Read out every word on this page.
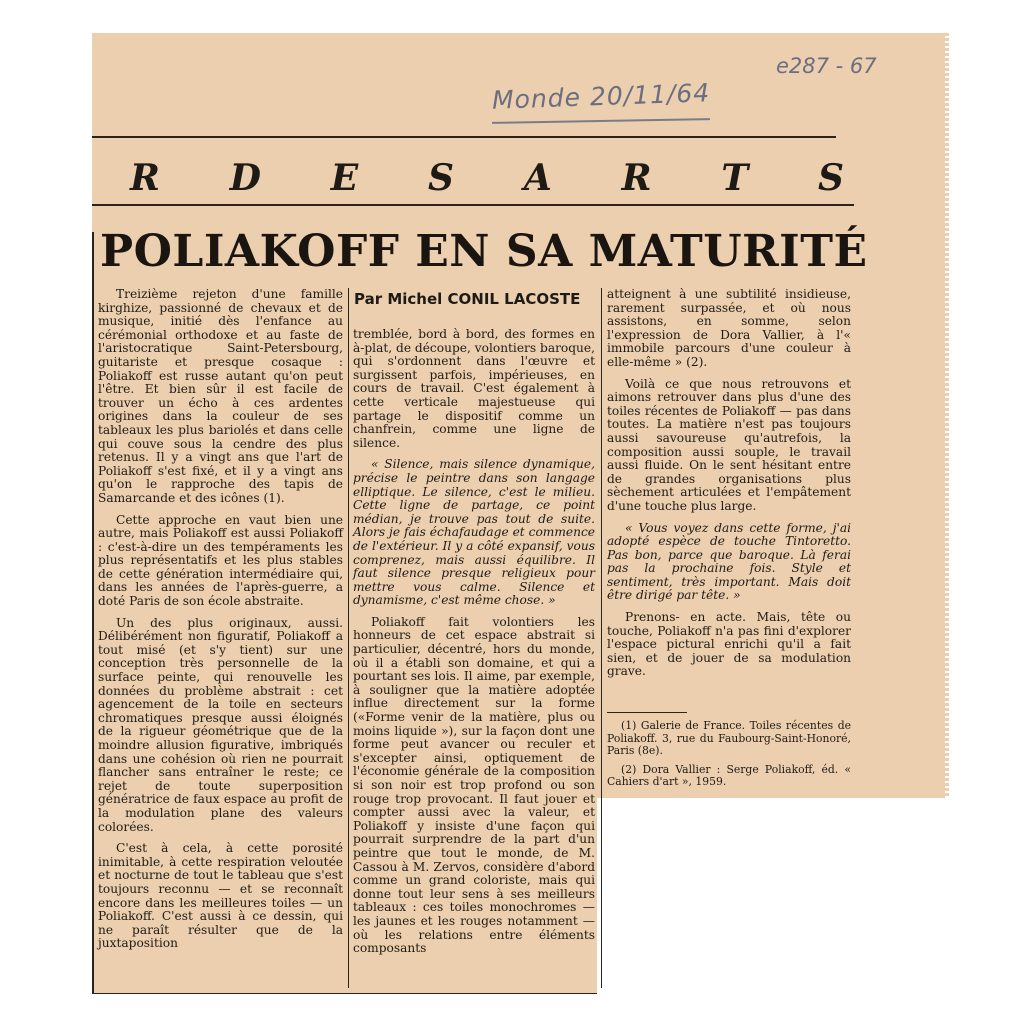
Monde 20/11/64
e287 - 67
R D E S A R T S
POLIAKOFF EN SA MATURITÉ
Par Michel CONIL LACOSTE

Treizième rejeton d'une famille kirghize, passionné de chevaux et de musique, initié dès l'enfance au cérémonial orthodoxe et au faste de l'aristocratique Saint-Petersbourg, guitariste et presque cosaque : Poliakoff est russe autant qu'on peut l'être. Et bien sûr il est facile de trouver un écho à ces ardentes origines dans la couleur de ses tableaux les plus bariolés et dans celle qui couve sous la cendre des plus retenus. Il y a vingt ans que l'art de Poliakoff s'est fixé, et il y a vingt ans qu'on le rapproche des tapis de Samarcande et des icônes (1).

Cette approche en vaut bien une autre, mais Poliakoff est aussi Poliakoff : c'est-à-dire un des tempéraments les plus représentatifs et les plus stables de cette génération intermédiaire qui, dans les années de l'après-guerre, a doté Paris de son école abstraite.

Un des plus originaux, aussi. Délibérément non figuratif, Poliakoff a tout misé (et s'y tient) sur une conception très personnelle de la surface peinte, qui renouvelle les données du problème abstrait : cet agencement de la toile en secteurs chromatiques presque aussi éloignés de la rigueur géométrique que de la moindre allusion figurative, imbriqués dans une cohésion où rien ne pourrait flancher sans entraîner le reste; ce rejet de toute superposition génératrice de faux espace au profit de la modulation plane des valeurs colorées.

C'est à cela, à cette porosité inimitable, à cette respiration veloutée et nocturne de tout le tableau que s'est toujours reconnu — et se reconnaît encore dans les meilleures toiles — un Poliakoff. C'est aussi à ce dessin, qui ne paraît résulter que de la juxtaposition

tremblée, bord à bord, des formes en à-plat, de découpe, volontiers baroque, qui s'ordonnent dans l'œuvre et surgissent parfois, impérieuses, en cours de travail. C'est également à cette verticale majestueuse qui partage le dispositif comme un chanfrein, comme une ligne de silence.

« Silence, mais silence dynamique, précise le peintre dans son langage elliptique. Le silence, c'est le milieu. Cette ligne de partage, ce point médian, je trouve pas tout de suite. Alors je fais échafaudage et commence de l'extérieur. Il y a côté expansif, vous comprenez, mais aussi équilibre. Il faut silence presque religieux pour mettre vous calme. Silence et dynamisme, c'est même chose. »

Poliakoff fait volontiers les honneurs de cet espace abstrait si particulier, décentré, hors du monde, où il a établi son domaine, et qui a pourtant ses lois. Il aime, par exemple, à souligner que la matière adoptée influe directement sur la forme («Forme venir de la matière, plus ou moins liquide »), sur la façon dont une forme peut avancer ou reculer et s'excepter ainsi, optiquement de l'économie générale de la composition si son noir est trop profond ou son rouge trop provocant. Il faut jouer et compter aussi avec la valeur, et Poliakoff y insiste d'une façon qui pourrait surprendre de la part d'un peintre que tout le monde, de M. Cassou à M. Zervos, considère d'abord comme un grand coloriste, mais qui donne tout leur sens à ses meilleurs tableaux : ces toiles monochromes — les jaunes et les rouges notamment — où les relations entre éléments composants

atteignent à une subtilité insidieuse, rarement surpassée, et où nous assistons, en somme, selon l'expression de Dora Vallier, à l'« immobile parcours d'une couleur à elle-même » (2).

Voilà ce que nous retrouvons et aimons retrouver dans plus d'une des toiles récentes de Poliakoff — pas dans toutes. La matière n'est pas toujours aussi savoureuse qu'autrefois, la composition aussi souple, le travail aussi fluide. On le sent hésitant entre de grandes organisations plus sèchement articulées et l'empâtement d'une touche plus large.

« Vous voyez dans cette forme, j'ai adopté espèce de touche Tintoretto. Pas bon, parce que baroque. Là ferai pas la prochaine fois. Style et sentiment, très important. Mais doit être dirigé par tête. »

Prenons- en acte. Mais, tête ou touche, Poliakoff n'a pas fini d'explorer l'espace pictural enrichi qu'il a fait sien, et de jouer de sa modulation grave.

(1) Galerie de France. Toiles récentes de Poliakoff. 3, rue du Faubourg-Saint-Honoré, Paris (8e).

(2) Dora Vallier : Serge Poliakoff, éd. « Cahiers d'art », 1959.
